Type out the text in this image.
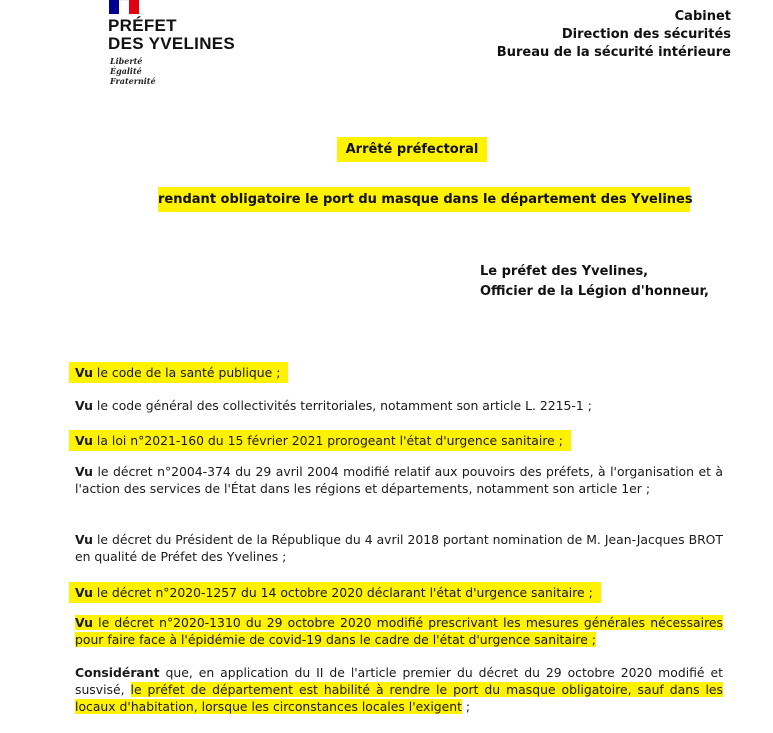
PRÉFET
DES YVELINES
Liberté
Égalité
Fraternité
Cabinet
Direction des sécurités
Bureau de la sécurité intérieure
Arrêté préfectoral
rendant obligatoire le port du masque dans le département des Yvelines
Le préfet des Yvelines,
Officier de la Légion d'honneur,
Vu le code de la santé publique ;
Vu le code général des collectivités territoriales, notamment son article L. 2215-1 ;
Vu la loi n°2021-160 du 15 février 2021 prorogeant l'état d'urgence sanitaire ;
Vu le décret n°2004-374 du 29 avril 2004 modifié relatif aux pouvoirs des préfets, à l'organisation et à l'action des services de l'État dans les régions et départements, notamment son article 1er ;
Vu le décret du Président de la République du 4 avril 2018 portant nomination de M. Jean-Jacques BROT en qualité de Préfet des Yvelines ;
Vu le décret n°2020-1257 du 14 octobre 2020 déclarant l'état d'urgence sanitaire ;
Vu le décret n°2020-1310 du 29 octobre 2020 modifié prescrivant les mesures générales nécessaires pour faire face à l'épidémie de covid-19 dans le cadre de l'état d'urgence sanitaire ;
Considérant que, en application du II de l'article premier du décret du 29 octobre 2020 modifié et susvisé, le préfet de département est habilité à rendre le port du masque obligatoire, sauf dans les locaux d'habitation, lorsque les circonstances locales l'exigent ;
